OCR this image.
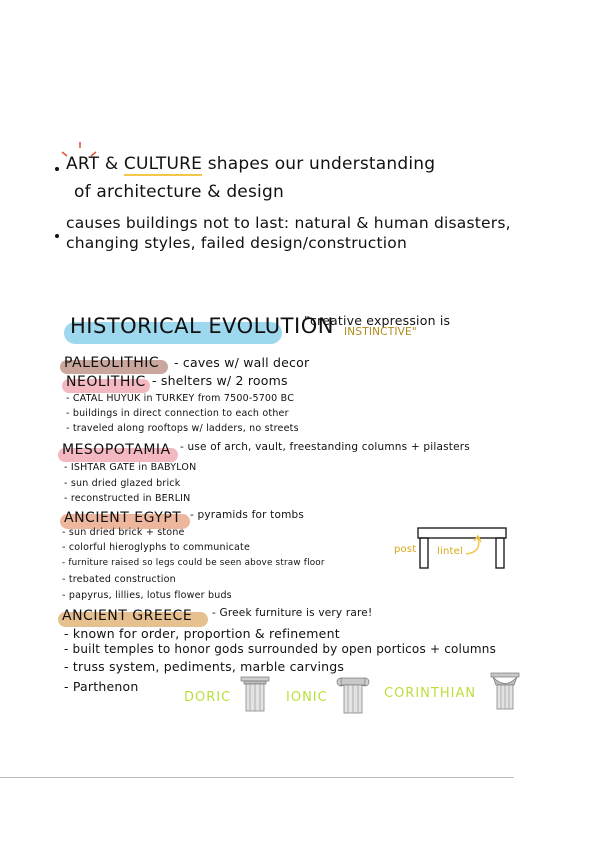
ART & CULTURE shapes our understanding
of architecture & design
causes buildings not to last: natural & human disasters,
changing styles, failed design/construction
HISTORICAL EVOLUTION
"creative expression is
INSTINCTIVE"
PALEOLITHIC - caves w/ wall decor
NEOLITHIC - shelters w/ 2 rooms
- CATAL HUYUK in TURKEY from 7500-5700 BC
- buildings in direct connection to each other
- traveled along rooftops w/ ladders, no streets
MESOPOTAMIA - use of arch, vault, freestanding columns + pilasters
- ISHTAR GATE in BABYLON
- sun dried glazed brick
- reconstructed in BERLIN
ANCIENT EGYPT - pyramids for tombs
- sun dried brick + stone
- colorful hieroglyphs to communicate
- furniture raised so legs could be seen above straw floor
- trebated construction
- papyrus, lillies, lotus flower buds
post lintel
ANCIENT GREECE - Greek furniture is very rare!
- known for order, proportion & refinement
- built temples to honor gods surrounded by open porticos + columns
- truss system, pediments, marble carvings
- Parthenon
DORIC	IONIC	CORINTHIAN
